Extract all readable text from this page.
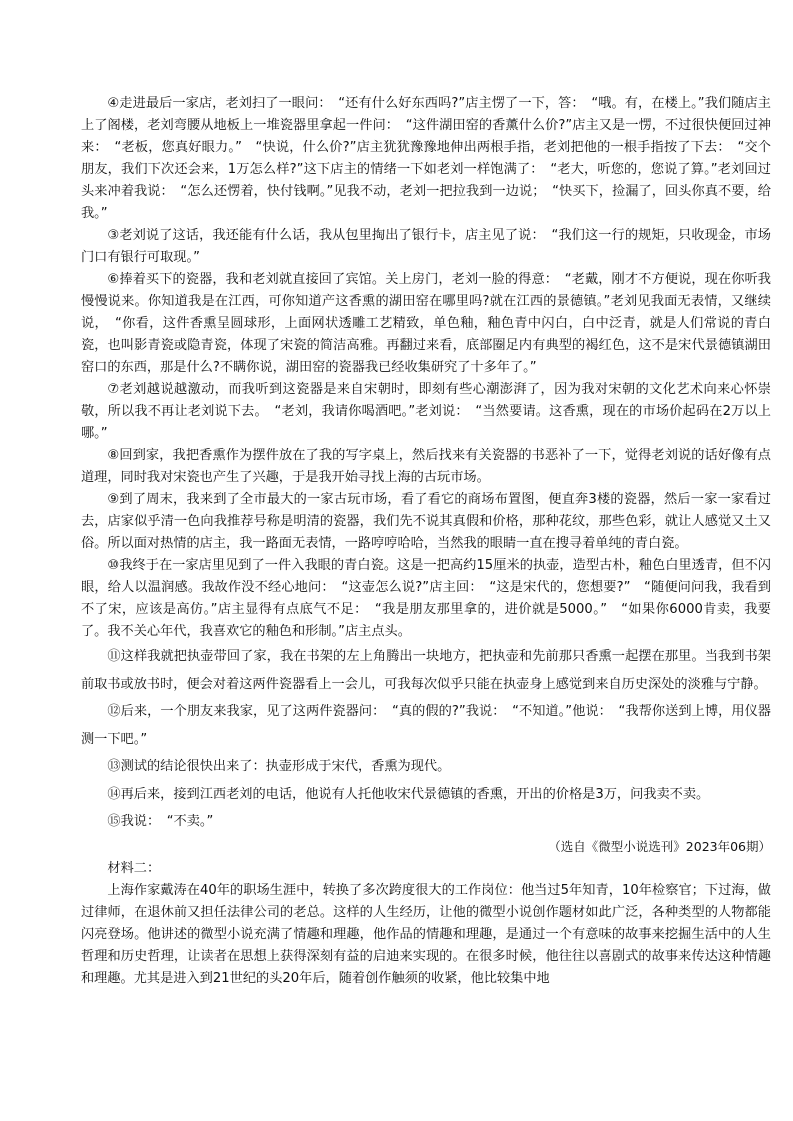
④走进最后一家店，老刘扫了一眼问：　“还有什么好东西吗?”店主愣了一下，答：　“哦。有，在楼上。”我们随店主上了阁楼，老刘弯腰从地板上一堆瓷器里拿起一件问：　“这件湖田窑的香薰什么价?”店主又是一愣，不过很快便回过神来：　“老板，您真好眼力。”　“快说，什么价?”店主犹犹豫豫地伸出两根手指，老刘把他的一根手指按了下去：　“交个朋友，我们下次还会来，1万怎么样?”这下店主的情绪一下如老刘一样饱满了：　“老大，听您的，您说了算。”老刘回过头来冲着我说：　“怎么还愣着，快付钱啊。”见我不动，老刘一把拉我到一边说；　“快买下，捡漏了，回头你真不要，给我。”

③老刘说了这话，我还能有什么话，我从包里掏出了银行卡，店主见了说：　“我们这一行的规矩，只收现金，市场门口有银行可取现。”

⑥捧着买下的瓷器，我和老刘就直接回了宾馆。关上房门，老刘一脸的得意：　“老戴，刚才不方便说，现在你听我慢慢说来。你知道我是在江西，可你知道产这香熏的湖田窑在哪里吗?就在江西的景德镇。”老刘见我面无表情，又继续说，　“你看，这件香熏呈圆球形，上面网状透雕工艺精致，单色釉，釉色青中闪白，白中泛青，就是人们常说的青白瓷，也叫影青瓷或隐青瓷，体现了宋瓷的简洁高雅。再翻过来看，底部圈足内有典型的褐红色，这不是宋代景德镇湖田窑口的东西，那是什么?不瞒你说，湖田窑的瓷器我已经收集研究了十多年了。”

⑦老刘越说越激动，而我听到这瓷器是来自宋朝时，即刻有些心潮澎湃了，因为我对宋朝的文化艺术向来心怀崇敬，所以我不再让老刘说下去。　“老刘，我请你喝酒吧。”老刘说：　“当然要请。这香熏，现在的市场价起码在2万以上哪。”

⑧回到家，我把香熏作为摆件放在了我的写字桌上，然后找来有关瓷器的书恶补了一下，觉得老刘说的话好像有点道理，同时我对宋瓷也产生了兴趣，于是我开始寻找上海的古玩市场。

⑨到了周末，我来到了全市最大的一家古玩市场，看了看它的商场布置图，便直奔3楼的瓷器，然后一家一家看过去，店家似乎清一色向我推荐号称是明清的瓷器，我们先不说其真假和价格，那种花纹，那些色彩，就让人感觉又土又俗。所以面对热情的店主，我一路面无表情，一路哼哼哈哈，当然我的眼睛一直在搜寻着单纯的青白瓷。

⑩我终于在一家店里见到了一件入我眼的青白瓷。这是一把高约15厘米的执壶，造型古朴，釉色白里透青，但不闪眼，给人以温润感。我故作没不经心地问：　“这壶怎么说?”店主回：　“这是宋代的，您想要?”　“随便问问我，我看到不了宋，应该是高仿。”店主显得有点底气不足：　“我是朋友那里拿的，进价就是5000。”　“如果你6000肯卖，我要了。我不关心年代，我喜欢它的釉色和形制。”店主点头。

⑪这样我就把执壶带回了家，我在书架的左上角腾出一块地方，把执壶和先前那只香熏一起摆在那里。当我到书架前取书或放书时，便会对着这两件瓷器看上一会儿，可我每次似乎只能在执壶身上感觉到来自历史深处的淡雅与宁静。

⑫后来，一个朋友来我家，见了这两件瓷器问：　“真的假的?”我说：　“不知道。”他说：　“我帮你送到上博，用仪器测一下吧。”

⑬测试的结论很快出来了：执壶形成于宋代，香熏为现代。

⑭再后来，接到江西老刘的电话，他说有人托他收宋代景德镇的香熏，开出的价格是3万，问我卖不卖。

⑮我说：　“不卖。”

（选自《微型小说选刊》2023年06期）

材料二：

上海作家戴涛在40年的职场生涯中，转换了多次跨度很大的工作岗位：他当过5年知青，10年检察官；下过海，做过律师，在退休前又担任法律公司的老总。这样的人生经历，让他的微型小说创作题材如此广泛，各种类型的人物都能闪亮登场。他讲述的微型小说充满了情趣和理趣，他作品的情趣和理趣，是通过一个有意味的故事来挖掘生活中的人生哲理和历史哲理，让读者在思想上获得深刻有益的启迪来实现的。在很多时候，他往往以喜剧式的故事来传达这种情趣和理趣。尤其是进入到21世纪的头20年后，随着创作触须的收紧，他比较集中地
